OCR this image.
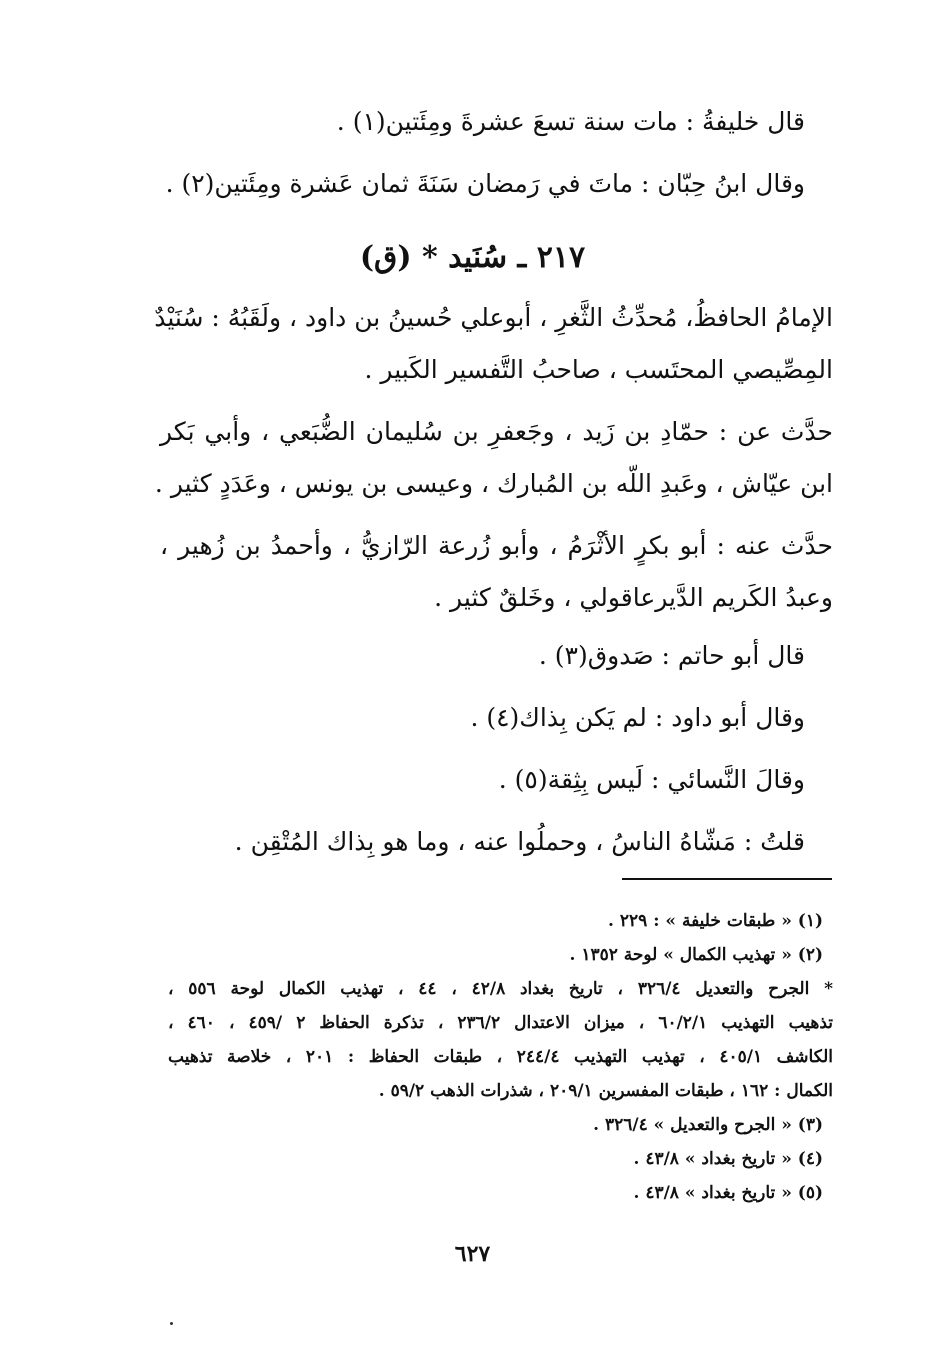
قال خليفةُ : مات سنة تسعَ عشرةَ ومِئَتين(١) .
وقال ابنُ حِبّان : ماتَ في رَمضان سَنَةَ ثمان عَشرة ومِئَتين(٢) .
٢١٧ ـ سُنَيد * (ق)
الإمامُ الحافظُ، مُحدِّثُ الثَّغرِ ، أبوعلي حُسينُ بن داود ، ولَقَبُهُ : سُنَيْدٌ
المِصِّيصي المحتَسب ، صاحبُ التَّفسير الكَبير .
حدَّث عن : حمّادِ بن زَيد ، وجَعفرِ بن سُليمان الضُّبَعي ، وأبي بَكر
ابن عيّاش ، وعَبدِ اللّه بن المُبارك ، وعيسى بن يونس ، وعَدَدٍ كثير .
حدَّث عنه : أبو بكرٍ الأثْرَمُ ، وأبو زُرعة الرّازيُّ ، وأحمدُ بن زُهير ،
وعبدُ الكَريم الدَّيرعاقولي ، وخَلقٌ كثير .
قال أبو حاتم : صَدوق(٣) .
وقال أبو داود : لم يَكن بِذاك(٤) .
وقالَ النَّسائي : لَيس بِثِقة(٥) .
قلتُ : مَشّاهُ الناسُ ، وحملُوا عنه ، وما هو بِذاك المُتْقِن .
(١) « طبقات خليفة » : ٢٢٩ .
(٢) « تهذيب الكمال » لوحة ١٣٥٢ .
* الجرح والتعديل ٣٢٦/٤ ، تاريخ بغداد ٤٢/٨ ، ٤٤ ، تهذيب الكمال لوحة ٥٥٦ ،
تذهيب التهذيب ٦٠/٢/١ ، ميزان الاعتدال ٢٣٦/٢ ، تذكرة الحفاظ ٢ /٤٥٩ ، ٤٦٠ ،
الكاشف ٤٠٥/١ ، تهذيب التهذيب ٢٤٤/٤ ، طبقات الحفاظ : ٢٠١ ، خلاصة تذهيب
الكمال : ١٦٢ ، طبقات المفسرين ٢٠٩/١ ، شذرات الذهب ٥٩/٢ .
(٣) « الجرح والتعديل » ٣٢٦/٤ .
(٤) « تاريخ بغداد » ٤٣/٨ .
(٥) « تاريخ بغداد » ٤٣/٨ .
٦٢٧
